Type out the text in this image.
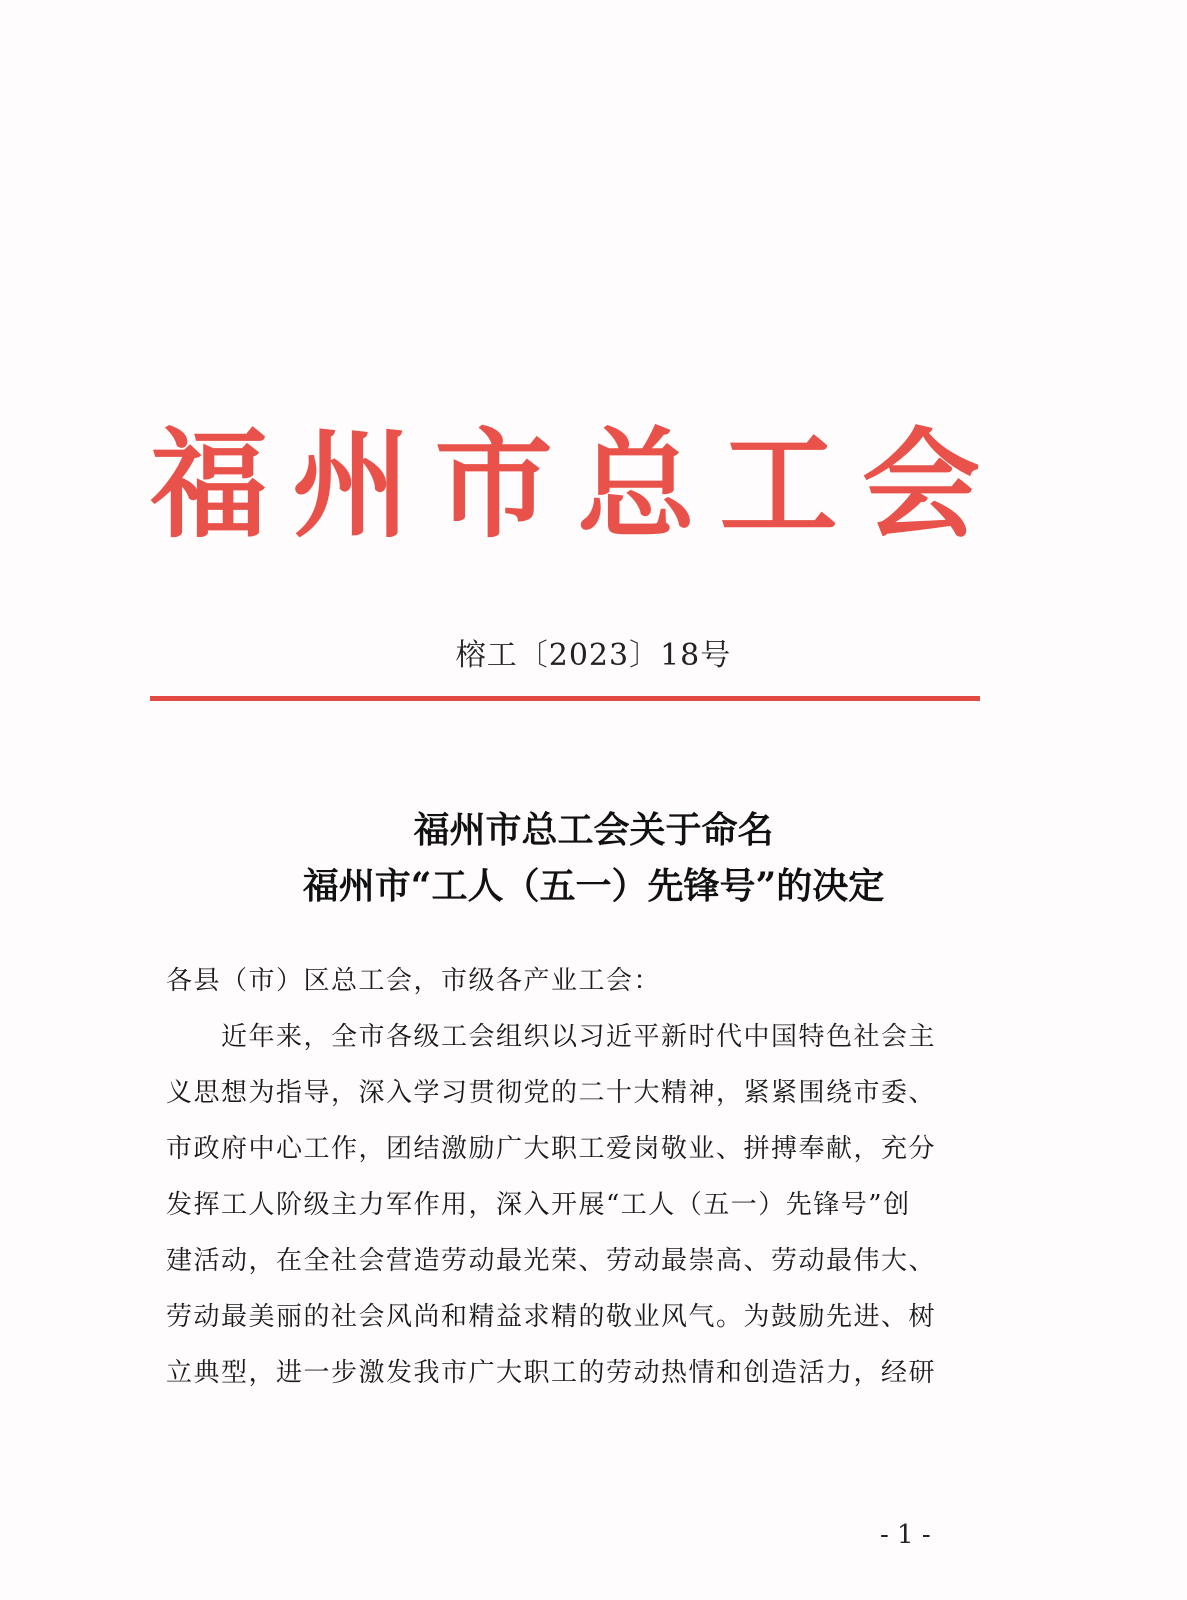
福 州 市 总 工 会
榕工〔2023〕18号
福州市总工会关于命名
福州市“工人（五一）先锋号”的决定
各县（市）区总工会，市级各产业工会：
　　近年来，全市各级工会组织以习近平新时代中国特色社会主
义思想为指导，深入学习贯彻党的二十大精神，紧紧围绕市委、
市政府中心工作，团结激励广大职工爱岗敬业、拼搏奉献，充分
发挥工人阶级主力军作用，深入开展“工人（五一）先锋号”创
建活动，在全社会营造劳动最光荣、劳动最崇高、劳动最伟大、
劳动最美丽的社会风尚和精益求精的敬业风气。为鼓励先进、树
立典型，进一步激发我市广大职工的劳动热情和创造活力，经研
- 1 -
